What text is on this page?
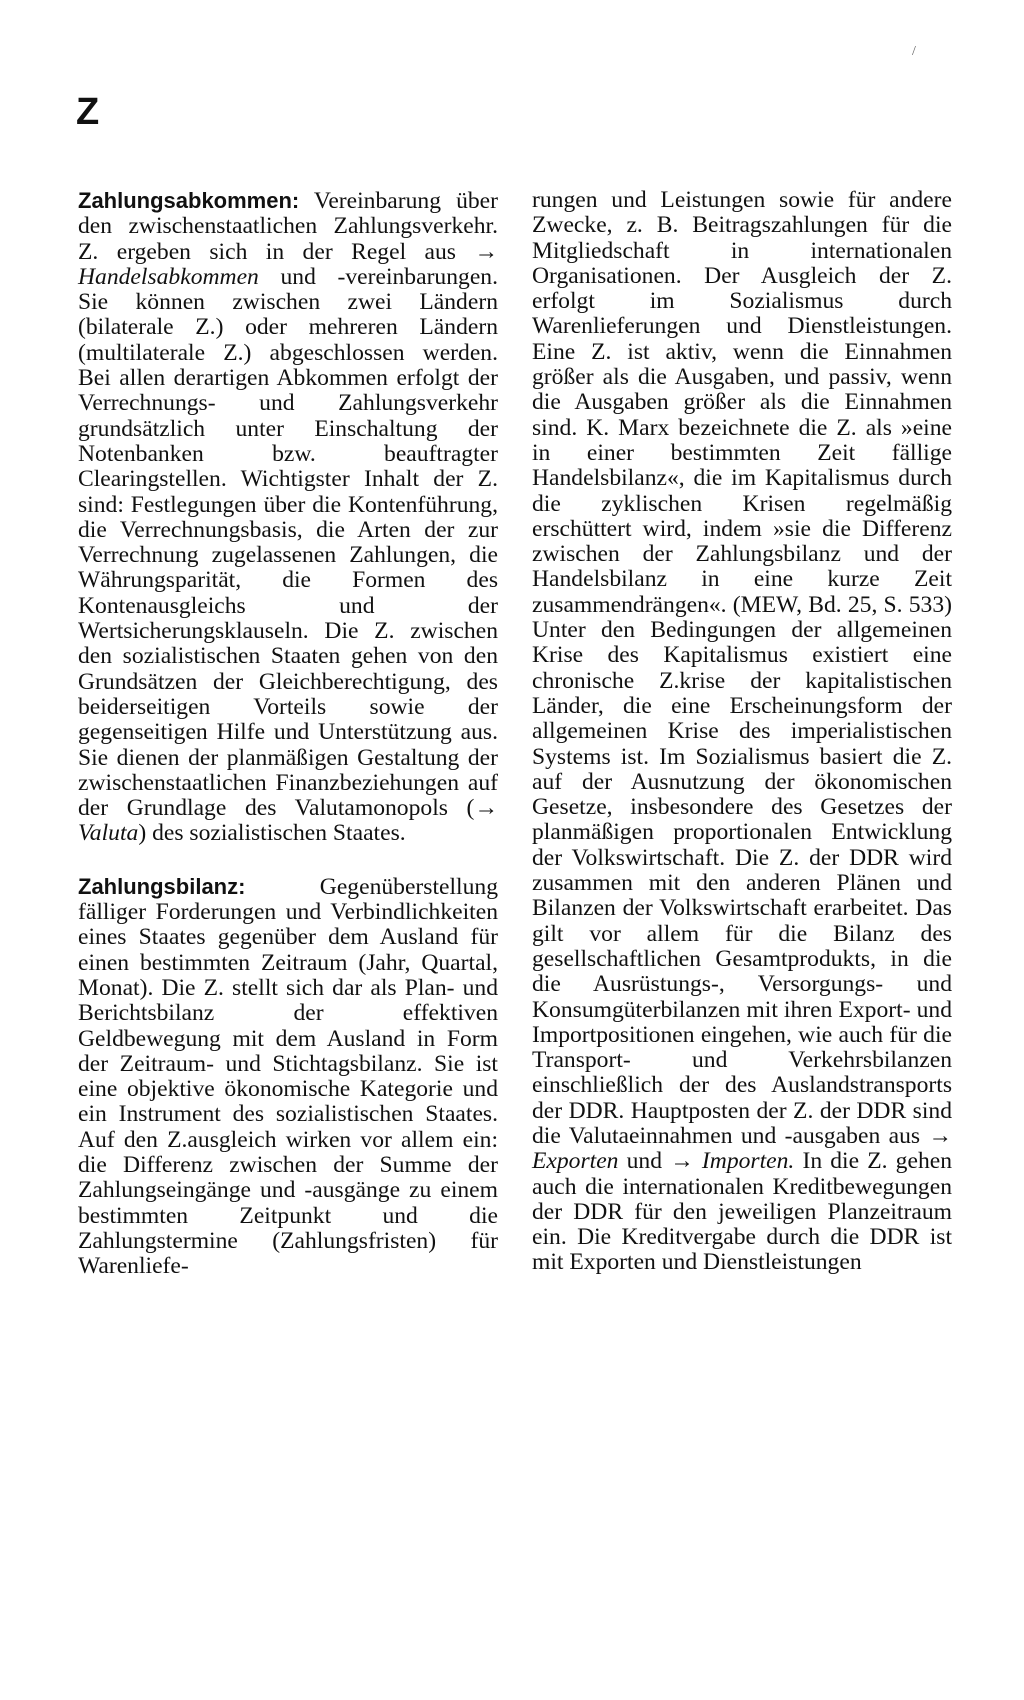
/
Z

Zahlungsabkommen: Vereinbarung über den zwischenstaatlichen Zahlungsverkehr. Z. ergeben sich in der Regel aus → Handelsabkommen und -vereinbarungen. Sie können zwischen zwei Ländern (bilaterale Z.) oder mehreren Ländern (multilaterale Z.) abgeschlossen werden. Bei allen derartigen Abkommen erfolgt der Verrechnungs- und Zahlungsverkehr grundsätzlich unter Einschaltung der Notenbanken bzw. beauftragter Clearingstellen. Wichtigster Inhalt der Z. sind: Festlegungen über die Kontenführung, die Verrechnungsbasis, die Arten der zur Verrechnung zugelassenen Zahlungen, die Währungsparität, die Formen des Kontenausgleichs und der Wertsicherungsklauseln. Die Z. zwischen den sozialistischen Staaten gehen von den Grundsätzen der Gleichberechtigung, des beiderseitigen Vorteils sowie der gegenseitigen Hilfe und Unterstützung aus. Sie dienen der planmäßigen Gestaltung der zwischenstaatlichen Finanzbeziehungen auf der Grundlage des Valutamonopols (→ Valuta) des sozialistischen Staates.

Zahlungsbilanz: Gegenüberstellung fälliger Forderungen und Verbindlichkeiten eines Staates gegenüber dem Ausland für einen bestimmten Zeitraum (Jahr, Quartal, Monat). Die Z. stellt sich dar als Plan- und Berichtsbilanz der effektiven Geldbewegung mit dem Ausland in Form der Zeitraum- und Stichtagsbilanz. Sie ist eine objektive ökonomische Kategorie und ein Instrument des sozialistischen Staates. Auf den Z.ausgleich wirken vor allem ein: die Differenz zwischen der Summe der Zahlungseingänge und -ausgänge zu einem bestimmten Zeitpunkt und die Zahlungstermine (Zahlungsfristen) für Warenliefe-

rungen und Leistungen sowie für andere Zwecke, z. B. Beitragszahlungen für die Mitgliedschaft in internationalen Organisationen. Der Ausgleich der Z. erfolgt im Sozialismus durch Warenlieferungen und Dienstleistungen. Eine Z. ist aktiv, wenn die Einnahmen größer als die Ausgaben, und passiv, wenn die Ausgaben größer als die Einnahmen sind. K. Marx bezeichnete die Z. als »eine in einer bestimmten Zeit fällige Handelsbilanz«, die im Kapitalismus durch die zyklischen Krisen regelmäßig erschüttert wird, indem »sie die Differenz zwischen der Zahlungsbilanz und der Handelsbilanz in eine kurze Zeit zusammendrängen«. (MEW, Bd. 25, S. 533) Unter den Bedingungen der allgemeinen Krise des Kapitalismus existiert eine chronische Z.krise der kapitalistischen Länder, die eine Erscheinungsform der allgemeinen Krise des imperialistischen Systems ist. Im Sozialismus basiert die Z. auf der Ausnutzung der ökonomischen Gesetze, insbesondere des Gesetzes der planmäßigen proportionalen Entwicklung der Volkswirtschaft. Die Z. der DDR wird zusammen mit den anderen Plänen und Bilanzen der Volkswirtschaft erarbeitet. Das gilt vor allem für die Bilanz des gesellschaftlichen Gesamtprodukts, in die die Ausrüstungs-, Versorgungs- und Konsumgüterbilanzen mit ihren Export- und Importpositionen eingehen, wie auch für die Transport- und Verkehrsbilanzen einschließlich der des Auslandstransports der DDR. Hauptposten der Z. der DDR sind die Valutaeinnahmen und -ausgaben aus → Exporten und → Importen. In die Z. gehen auch die internationalen Kreditbewegungen der DDR für den jeweiligen Planzeitraum ein. Die Kreditvergabe durch die DDR ist mit Exporten und Dienstleistungen
